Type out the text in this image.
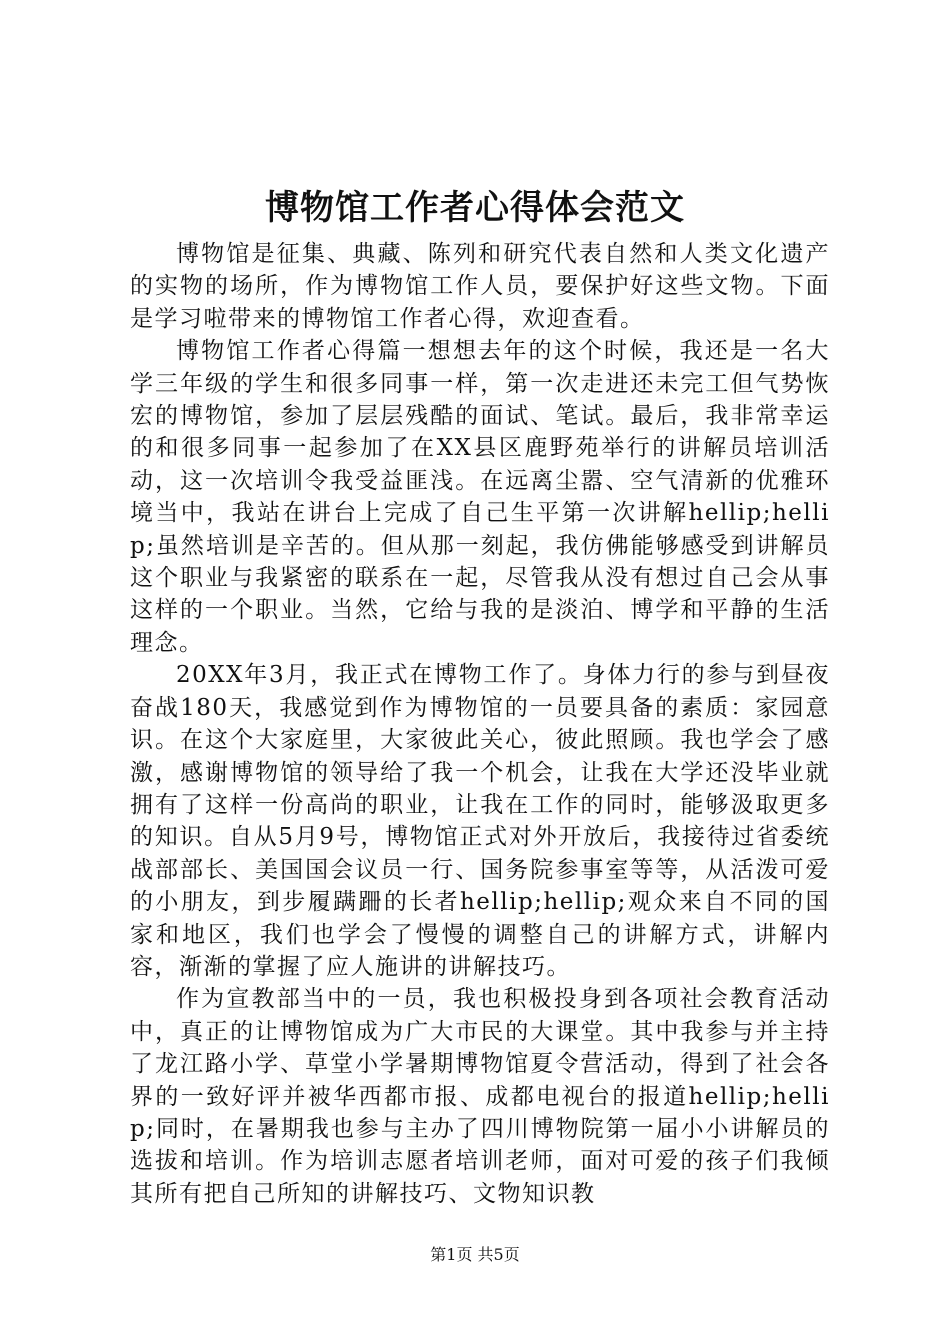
博物馆工作者心得体会范文

博物馆是征集、典藏、陈列和研究代表自然和人类文化遗产的实物的场所，作为博物馆工作人员，要保护好这些文物。下面是学习啦带来的博物馆工作者心得，欢迎查看。

博物馆工作者心得篇一想想去年的这个时候，我还是一名大学三年级的学生和很多同事一样，第一次走进还未完工但气势恢宏的博物馆，参加了层层残酷的面试、笔试。最后，我非常幸运的和很多同事一起参加了在XX县区鹿野苑举行的讲解员培训活动，这一次培训令我受益匪浅。在远离尘嚣、空气清新的优雅环境当中，我站在讲台上完成了自己生平第一次讲解hellip;hellip;虽然培训是辛苦的。但从那一刻起，我仿佛能够感受到讲解员这个职业与我紧密的联系在一起，尽管我从没有想过自己会从事这样的一个职业。当然，它给与我的是淡泊、博学和平静的生活理念。

20XX年3月，我正式在博物工作了。身体力行的参与到昼夜奋战180天，我感觉到作为博物馆的一员要具备的素质：家园意识。在这个大家庭里，大家彼此关心，彼此照顾。我也学会了感激，感谢博物馆的领导给了我一个机会，让我在大学还没毕业就拥有了这样一份高尚的职业，让我在工作的同时，能够汲取更多的知识。自从5月9号，博物馆正式对外开放后，我接待过省委统战部部长、美国国会议员一行、国务院参事室等等，从活泼可爱的小朋友，到步履蹒跚的长者hellip;hellip;观众来自不同的国家和地区，我们也学会了慢慢的调整自己的讲解方式，讲解内容，渐渐的掌握了应人施讲的讲解技巧。

作为宣教部当中的一员，我也积极投身到各项社会教育活动中，真正的让博物馆成为广大市民的大课堂。其中我参与并主持了龙江路小学、草堂小学暑期博物馆夏令营活动，得到了社会各界的一致好评并被华西都市报、成都电视台的报道hellip;hellip;同时，在暑期我也参与主办了四川博物院第一届小小讲解员的选拔和培训。作为培训志愿者培训老师，面对可爱的孩子们我倾其所有把自己所知的讲解技巧、文物知识教

第1页 共5页
